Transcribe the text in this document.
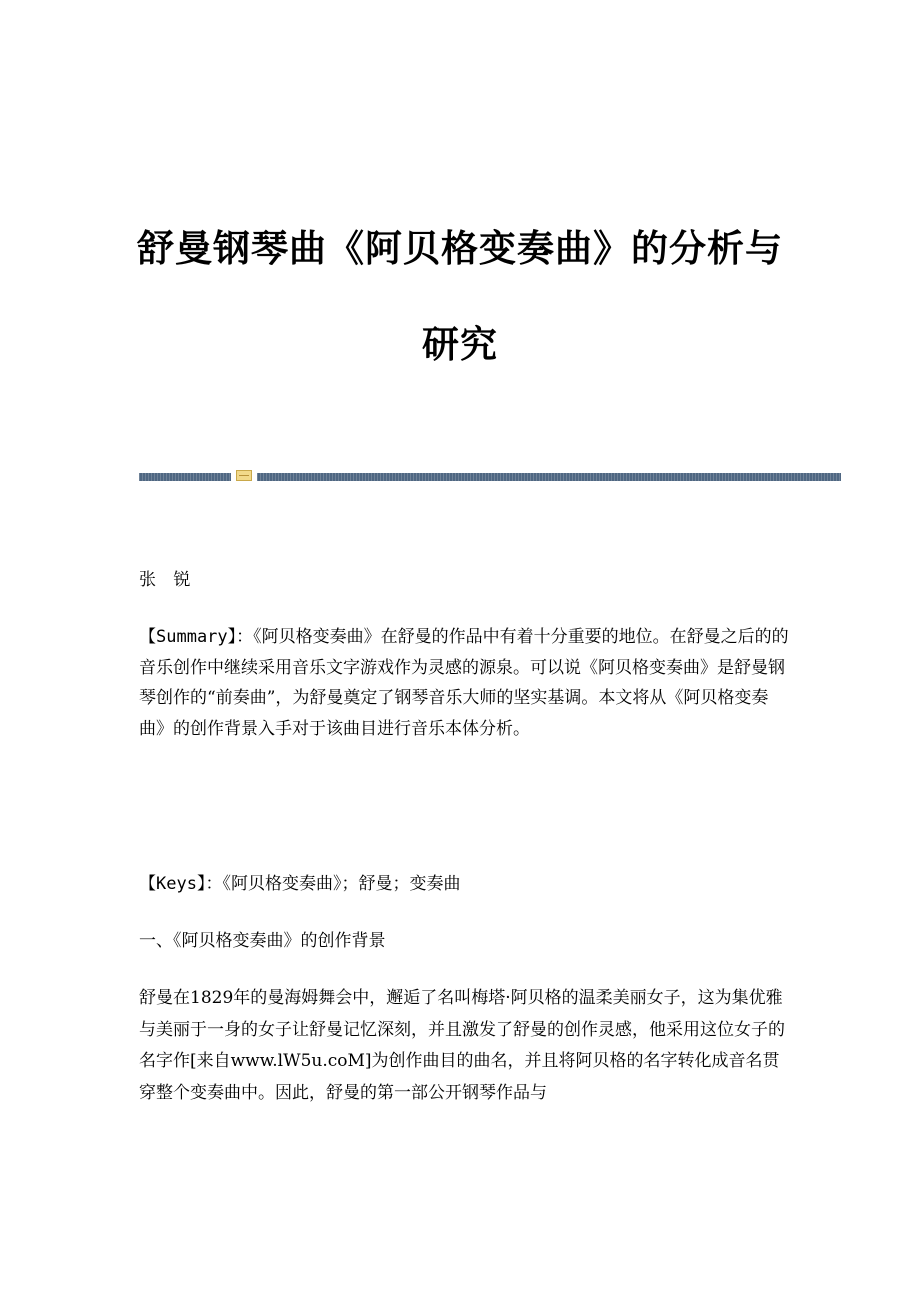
舒曼钢琴曲《阿贝格变奏曲》的分析与
研究
张 锐
【Summary】：《阿贝格变奏曲》在舒曼的作品中有着十分重要的地位。在舒曼之后的的音乐创作中继续采用音乐文字游戏作为灵感的源泉。可以说《阿贝格变奏曲》是舒曼钢琴创作的“前奏曲”，为舒曼奠定了钢琴音乐大师的坚实基调。本文将从《阿贝格变奏曲》的创作背景入手对于该曲目进行音乐本体分析。
【Keys】：《阿贝格变奏曲》；舒曼；变奏曲
一、《阿贝格变奏曲》的创作背景
舒曼在1829年的曼海姆舞会中，邂逅了名叫梅塔·阿贝格的温柔美丽女子，这为集优雅与美丽于一身的女子让舒曼记忆深刻，并且激发了舒曼的创作灵感，他采用这位女子的名字作[来自www.lW5u.coM]为创作曲目的曲名，并且将阿贝格的名字转化成音名贯穿整个变奏曲中。因此，舒曼的第一部公开钢琴作品与
